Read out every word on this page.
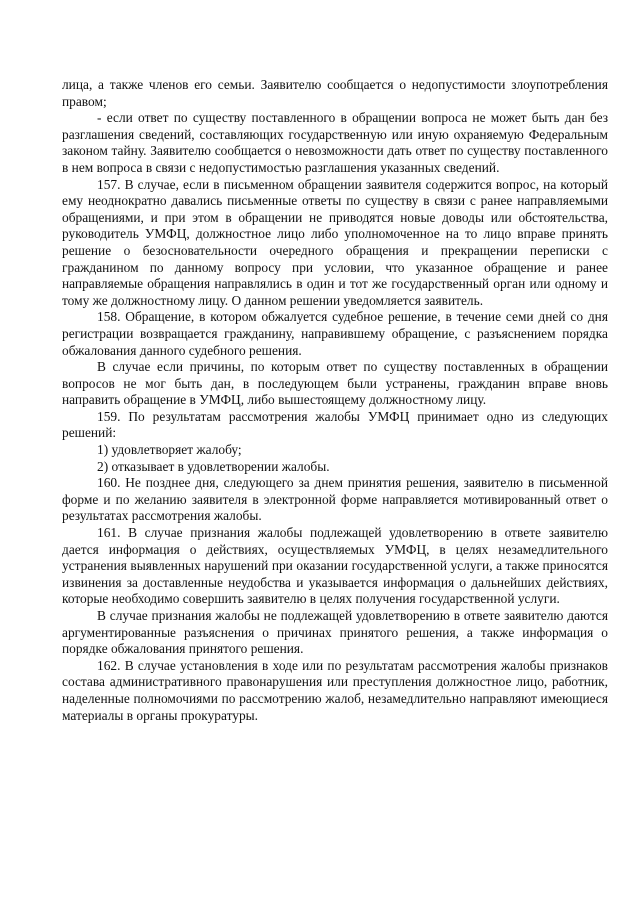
лица, а также членов его семьи. Заявителю сообщается о недопустимости злоупотребления правом;

- если ответ по существу поставленного в обращении вопроса не может быть дан без разглашения сведений, составляющих государственную или иную охраняемую Федеральным законом тайну. Заявителю сообщается о невозможности дать ответ по существу поставленного в нем вопроса в связи с недопустимостью разглашения указанных сведений.

157. В случае, если в письменном обращении заявителя содержится вопрос, на который ему неоднократно давались письменные ответы по существу в связи с ранее направляемыми обращениями, и при этом в обращении не приводятся новые доводы или обстоятельства, руководитель УМФЦ, должностное лицо либо уполномоченное на то лицо вправе принять решение о безосновательности очередного обращения и прекращении переписки с гражданином по данному вопросу при условии, что указанное обращение и ранее направляемые обращения направлялись в один и тот же государственный орган или одному и тому же должностному лицу. О данном решении уведомляется заявитель.

158. Обращение, в котором обжалуется судебное решение, в течение семи дней со дня регистрации возвращается гражданину, направившему обращение, с разъяснением порядка обжалования данного судебного решения.

В случае если причины, по которым ответ по существу поставленных в обращении вопросов не мог быть дан, в последующем были устранены, гражданин вправе вновь направить обращение в УМФЦ, либо вышестоящему должностному лицу.

159. По результатам рассмотрения жалобы УМФЦ принимает одно из следующих решений:

1) удовлетворяет жалобу;

2) отказывает в удовлетворении жалобы.

160. Не позднее дня, следующего за днем принятия решения, заявителю в письменной форме и по желанию заявителя в электронной форме направляется мотивированный ответ о результатах рассмотрения жалобы.

161. В случае признания жалобы подлежащей удовлетворению в ответе заявителю дается информация о действиях, осуществляемых УМФЦ, в целях незамедлительного устранения выявленных нарушений при оказании государственной услуги, а также приносятся извинения за доставленные неудобства и указывается информация о дальнейших действиях, которые необходимо совершить заявителю в целях получения государственной услуги.

В случае признания жалобы не подлежащей удовлетворению в ответе заявителю даются аргументированные разъяснения о причинах принятого решения, а также информация о порядке обжалования принятого решения.

162. В случае установления в ходе или по результатам рассмотрения жалобы признаков состава административного правонарушения или преступления должностное лицо, работник, наделенные полномочиями по рассмотрению жалоб, незамедлительно направляют имеющиеся материалы в органы прокуратуры.
